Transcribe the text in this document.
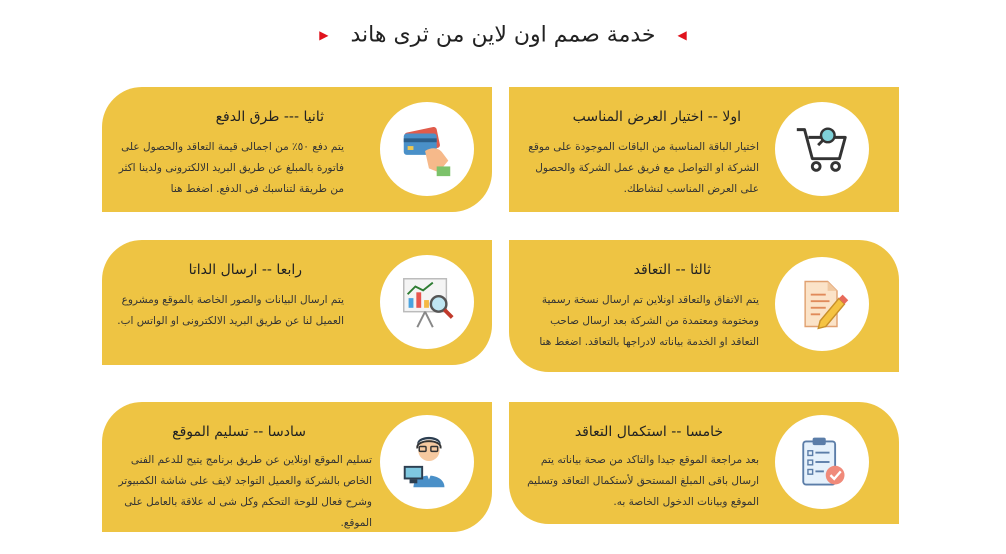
◀خدمة صمم اون لاين من ثرى هاند▶
اولا -- اختيار العرض المناسب
اختيار الباقة المناسبة من الباقات الموجودة على موقع الشركة او التواصل مع فريق عمل الشركة والحصول على العرض المناسب لنشاطك.
ثانيا --- طرق الدفع
يتم دفع ٥٠٪ من اجمالى قيمة التعاقد والحصول على فاتورة بالمبلغ عن طريق البريد الالكترونى ولدينا اكثر من طريقة لتناسبك فى الدفع. اضغط هنا
ثالثا -- التعاقد
يتم الاتفاق والتعاقد اونلاين تم ارسال نسخة رسمية ومختومة ومعتمدة من الشركة بعد ارسال صاحب التعاقد او الخدمة بياناته لادراجها بالتعاقد. اضغط هنا
رابعا -- ارسال الداتا
يتم ارسال البيانات والصور الخاصة بالموقع ومشروع العميل لنا عن طريق البريد الالكترونى او الواتس اب.
خامسا -- استكمال التعاقد
بعد مراجعة الموقع جيدا والتاكد من صحة بياناته يتم ارسال باقى المبلغ المستحق لأستكمال التعاقد وتسليم الموقع وبيانات الدخول الخاصة به.
سادسا -- تسليم الموقع
تسليم الموقع اونلاين عن طريق برنامج يتيح للدعم الفنى الخاص بالشركة والعميل التواجد لايف على شاشة الكمبيوتر وشرح فعال للوحة التحكم وكل شى له علاقة بالعامل على الموقع.
